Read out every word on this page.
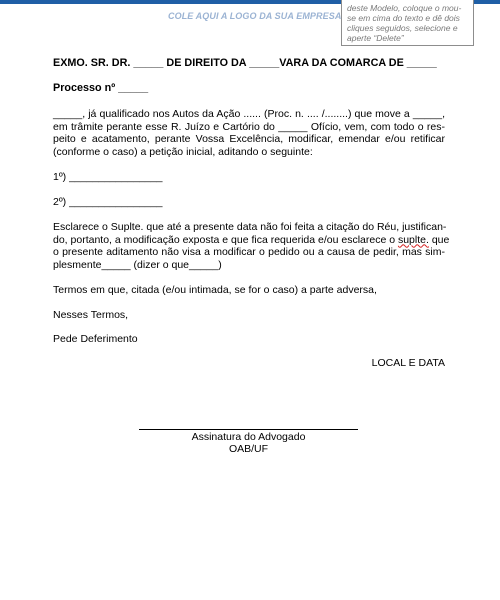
COLE AQUI A LOGO DA SUA EMPRESA
deste Modelo, coloque o mou-
se em cima do texto e dê dois
cliques seguidos, selecione e
aperte “Delete”
EXMO. SR. DR. _____ DE DIREITO DA _____VARA DA COMARCA DE _____
Processo nº _____
_____, já qualificado nos Autos da Ação ...... (Proc. n. .... /........) que move a _____,
em trâmite perante esse R. Juízo e Cartório do _____ Ofício, vem, com todo o res-
peito e acatamento, perante Vossa Excelência, modificar, emendar e/ou retificar
(conforme o caso) a petição inicial, aditando o seguinte:
1º) ________________
2º) ________________
Esclarece o Suplte. que até a presente data não foi feita a citação do Réu, justifican-
do, portanto, a modificação exposta e que fica requerida e/ou esclarece o suplte. que
o presente aditamento não visa a modificar o pedido ou a causa de pedir, mas sim-
plesmente_____ (dizer o que_____)
Termos em que, citada (e/ou intimada, se for o caso) a parte adversa,
Nesses Termos,
Pede Deferimento
LOCAL E DATA
Assinatura do Advogado
OAB/UF
